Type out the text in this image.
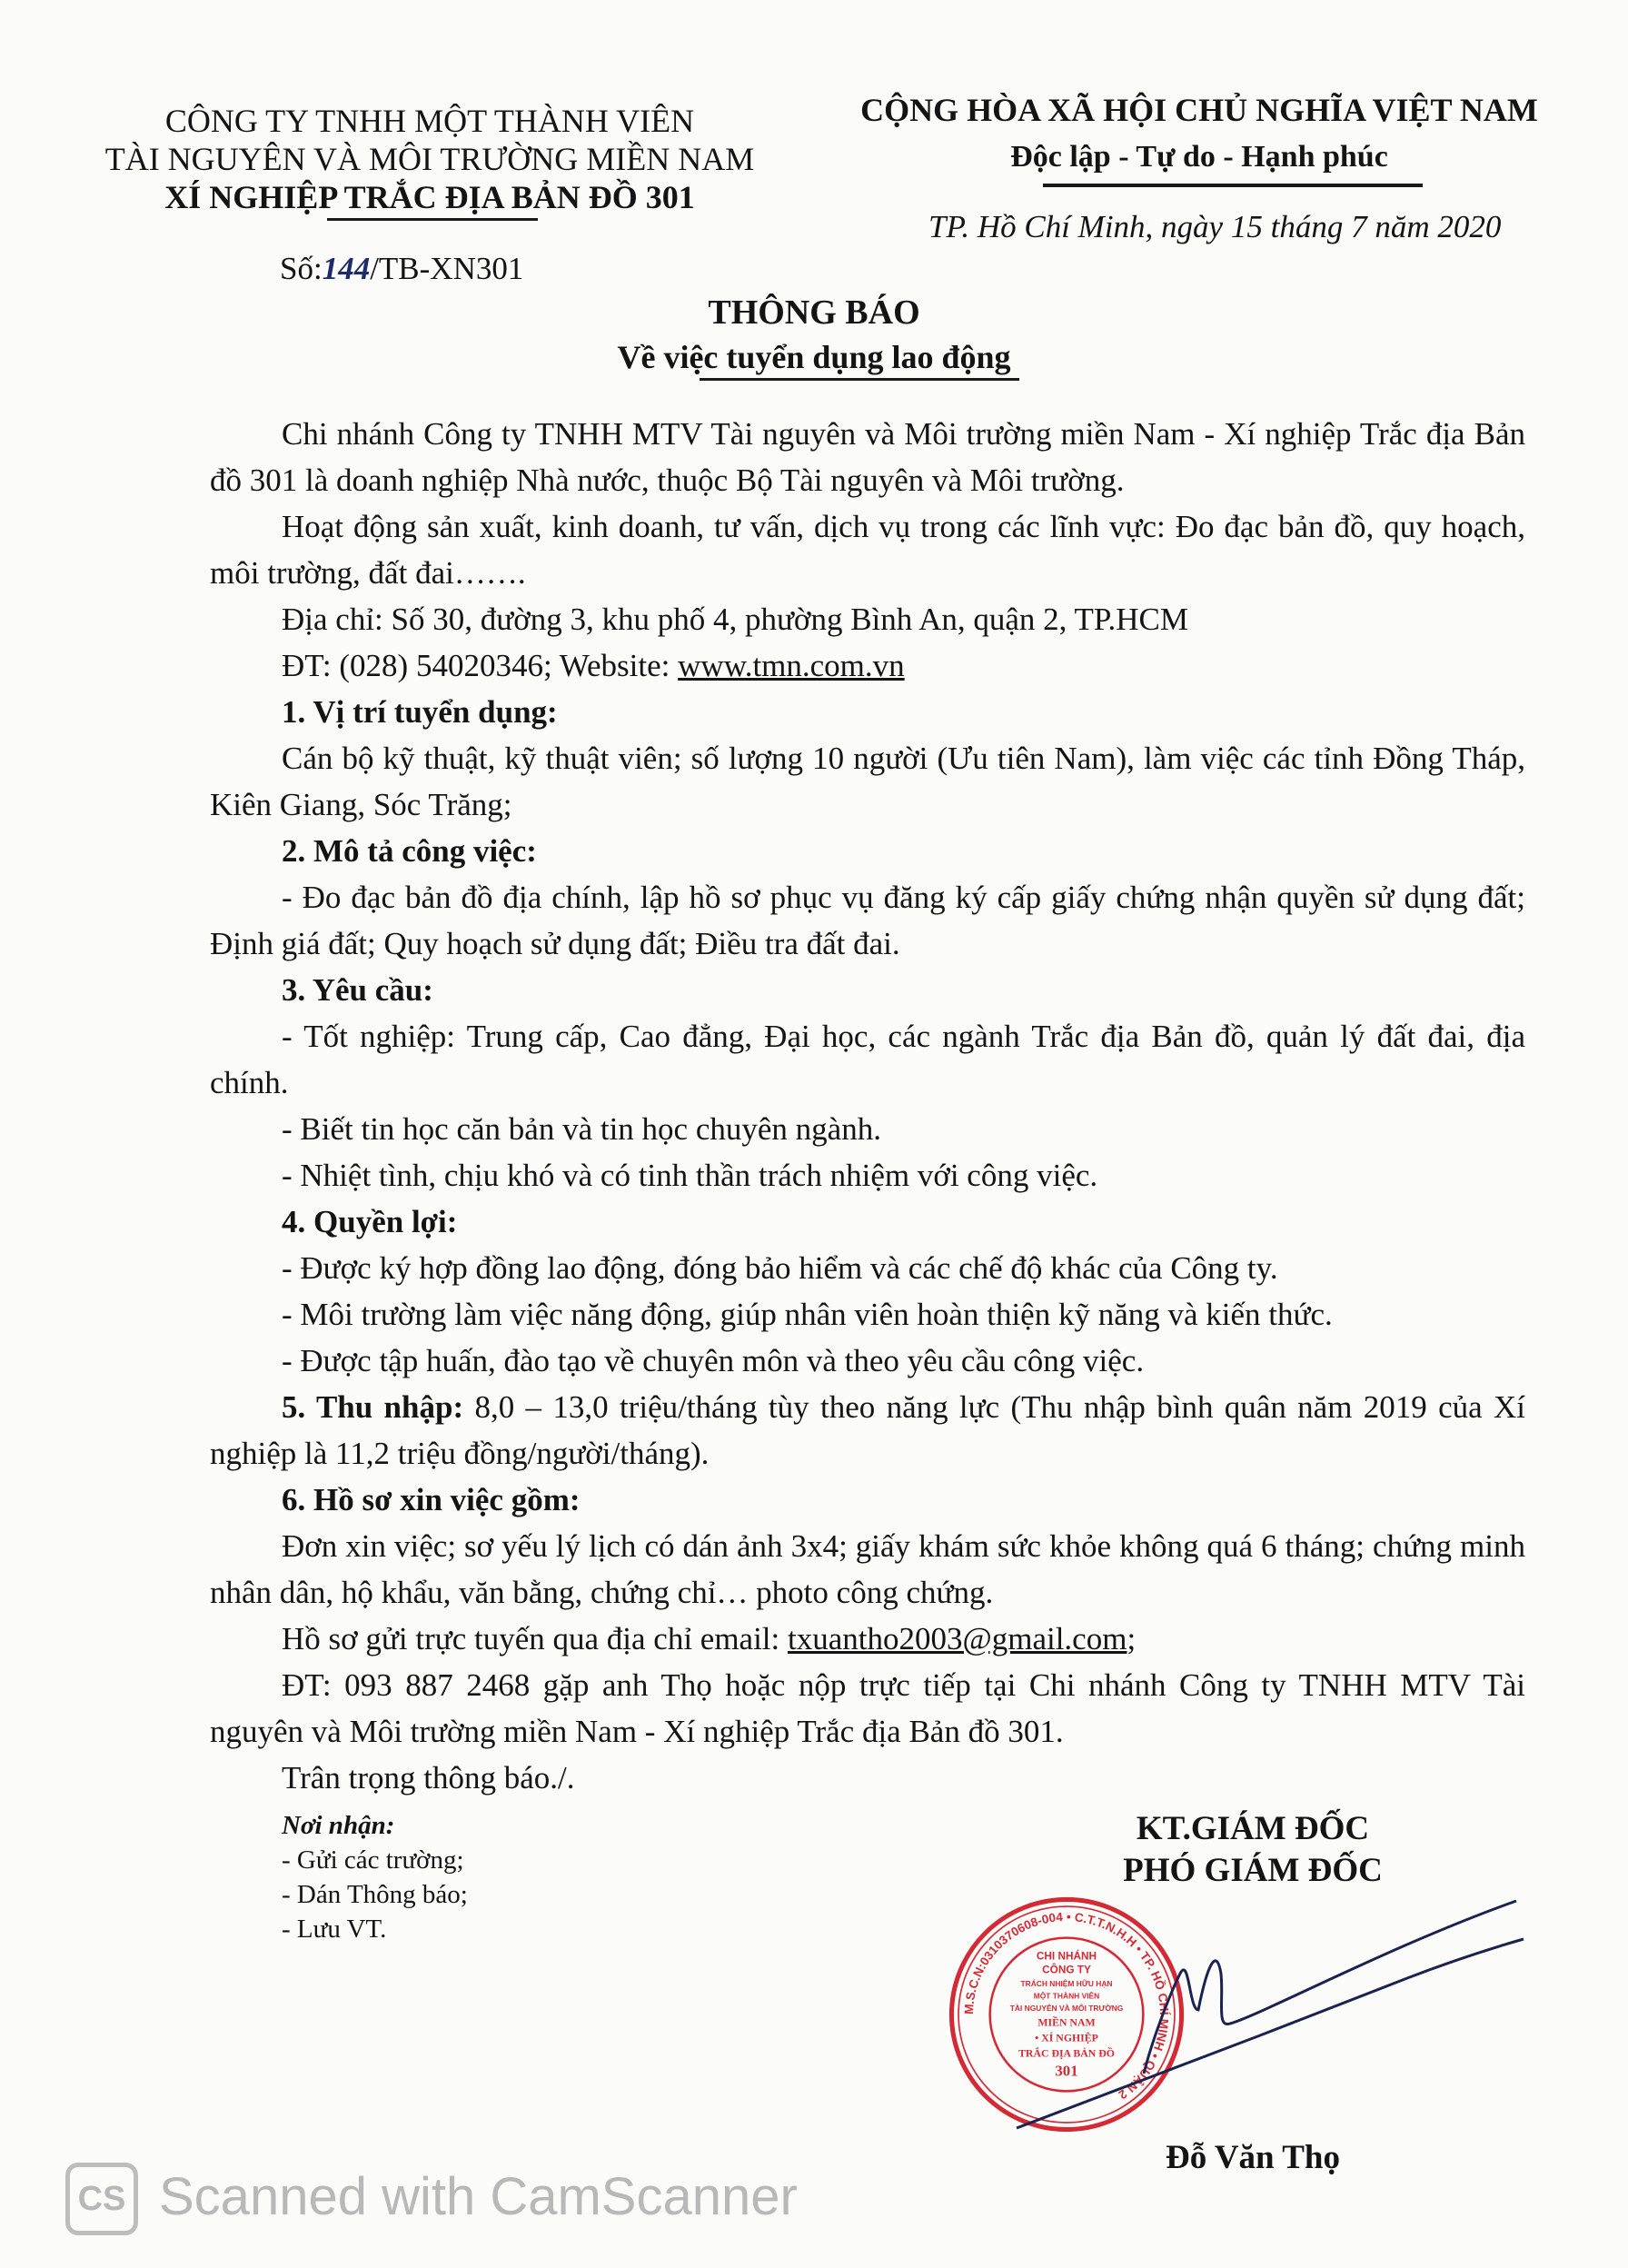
CÔNG TY TNHH MỘT THÀNH VIÊN
TÀI NGUYÊN VÀ MÔI TRƯỜNG MIỀN NAM
XÍ NGHIỆP TRẮC ĐỊA BẢN ĐỒ 301
Số:144/TB-XN301
CỘNG HÒA XÃ HỘI CHỦ NGHĨA VIỆT NAM
Độc lập - Tự do - Hạnh phúc
TP. Hồ Chí Minh, ngày 15 tháng 7 năm 2020
THÔNG BÁO
Về việc tuyển dụng lao động

Chi nhánh Công ty TNHH MTV Tài nguyên và Môi trường miền Nam - Xí nghiệp Trắc địa Bản đồ 301 là doanh nghiệp Nhà nước, thuộc Bộ Tài nguyên và Môi trường.

Hoạt động sản xuất, kinh doanh, tư vấn, dịch vụ trong các lĩnh vực: Đo đạc bản đồ, quy hoạch, môi trường, đất đai…….

Địa chỉ: Số 30, đường 3, khu phố 4, phường Bình An, quận 2, TP.HCM

ĐT: (028) 54020346; Website: www.tmn.com.vn

1. Vị trí tuyển dụng:

Cán bộ kỹ thuật, kỹ thuật viên; số lượng 10 người (Ưu tiên Nam), làm việc các tỉnh Đồng Tháp, Kiên Giang, Sóc Trăng;

2. Mô tả công việc:

- Đo đạc bản đồ địa chính, lập hồ sơ phục vụ đăng ký cấp giấy chứng nhận quyền sử dụng đất; Định giá đất; Quy hoạch sử dụng đất; Điều tra đất đai.

3. Yêu cầu:

- Tốt nghiệp: Trung cấp, Cao đẳng, Đại học, các ngành Trắc địa Bản đồ, quản lý đất đai, địa chính.

- Biết tin học căn bản và tin học chuyên ngành.

- Nhiệt tình, chịu khó và có tinh thần trách nhiệm với công việc.

4. Quyền lợi:

- Được ký hợp đồng lao động, đóng bảo hiểm và các chế độ khác của Công ty.

- Môi trường làm việc năng động, giúp nhân viên hoàn thiện kỹ năng và kiến thức.

- Được tập huấn, đào tạo về chuyên môn và theo yêu cầu công việc.

5. Thu nhập: 8,0 – 13,0 triệu/tháng tùy theo năng lực (Thu nhập bình quân năm 2019 của Xí nghiệp là 11,2 triệu đồng/người/tháng).

6. Hồ sơ xin việc gồm:

Đơn xin việc; sơ yếu lý lịch có dán ảnh 3x4; giấy khám sức khỏe không quá 6 tháng; chứng minh nhân dân, hộ khẩu, văn bằng, chứng chỉ… photo công chứng.

Hồ sơ gửi trực tuyến qua địa chỉ email: txuantho2003@gmail.com;

ĐT: 093 887 2468 gặp anh Thọ hoặc nộp trực tiếp tại Chi nhánh Công ty TNHH MTV Tài nguyên và Môi trường miền Nam - Xí nghiệp Trắc địa Bản đồ 301.

Trân trọng thông báo./.

Nơi nhận:
- Gửi các trường;
- Dán Thông báo;
- Lưu VT.
KT.GIÁM ĐỐC
PHÓ GIÁM ĐỐC
M.S.C.N:0310370608-004 • C.T.T.N.H.H • TP. HỒ CHÍ MINH • QUẬN 2
CHI NHÁNH
CÔNG TY
TRÁCH NHIỆM HỮU HẠN
MỘT THÀNH VIÊN
TÀI NGUYÊN VÀ MÔI TRƯỜNG
MIỀN NAM
• XÍ NGHIỆP
TRẮC ĐỊA BẢN ĐỒ
301
Đỗ Văn Thọ
CS Scanned with CamScanner
